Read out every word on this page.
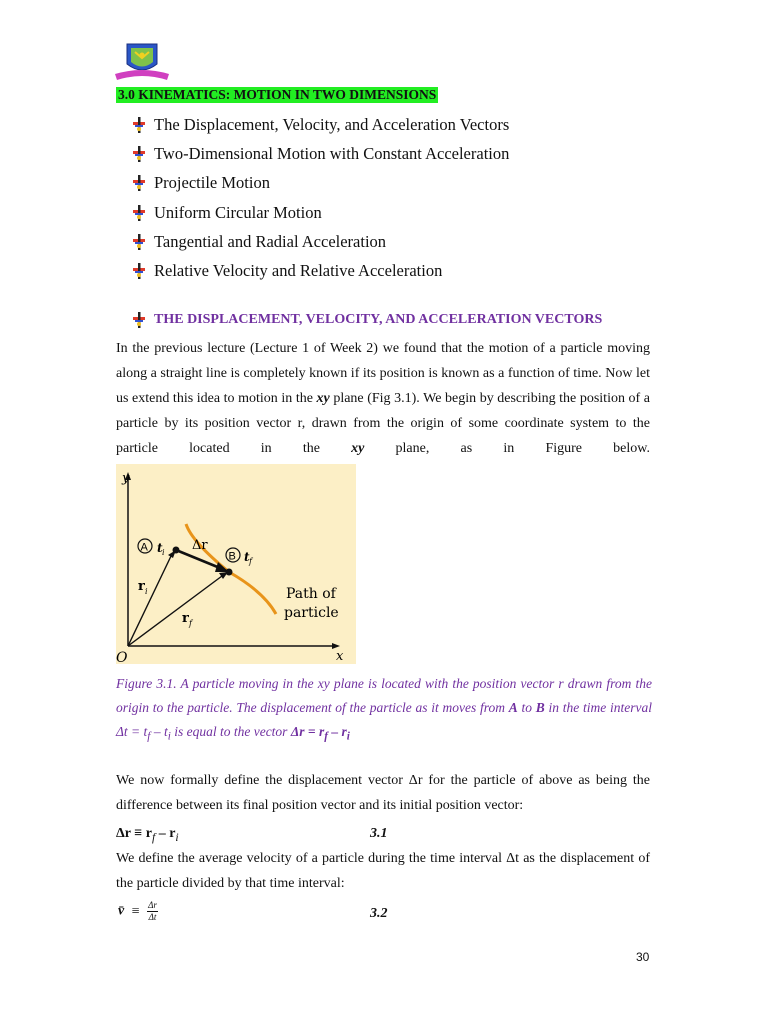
3.0 KINEMATICS: MOTION IN TWO DIMENSIONS
The Displacement, Velocity, and Acceleration Vectors
Two-Dimensional Motion with Constant Acceleration
Projectile Motion
Uniform Circular Motion
Tangential and Radial Acceleration
Relative Velocity and Relative Acceleration
THE DISPLACEMENT, VELOCITY, AND ACCELERATION VECTORS

In the previous lecture (Lecture 1 of Week 2) we found that the motion of a particle moving along a straight line is completely known if its position is known as a function of time. Now let us extend this idea to motion in the xy plane (Fig 3.1). We begin by describing the position of a particle by its position vector r, drawn from the origin of some coordinate system to the particle located in the xy plane, as in Figure below.

y
x
O
A t i	B t f
Δr
r i
r f
Path of
particle

Figure 3.1. A particle moving in the xy plane is located with the position vector r drawn from the origin to the particle. The displacement of the particle as it moves from A to B in the time interval $\Delta t = t_f - t_i$ is equal to the vector $\Delta r = r_f - r_i$

We now formally define the displacement vector Δr for the particle of above as being the difference between its final position vector and its initial position vector:

$\Delta r \equiv r_f - r_i$	3.1

We define the average velocity of a particle during the time interval Δt as the displacement of the particle divided by that time interval:

v̄ ≡ $\frac{\Delta r}{\Delta t}$	3.2
30
